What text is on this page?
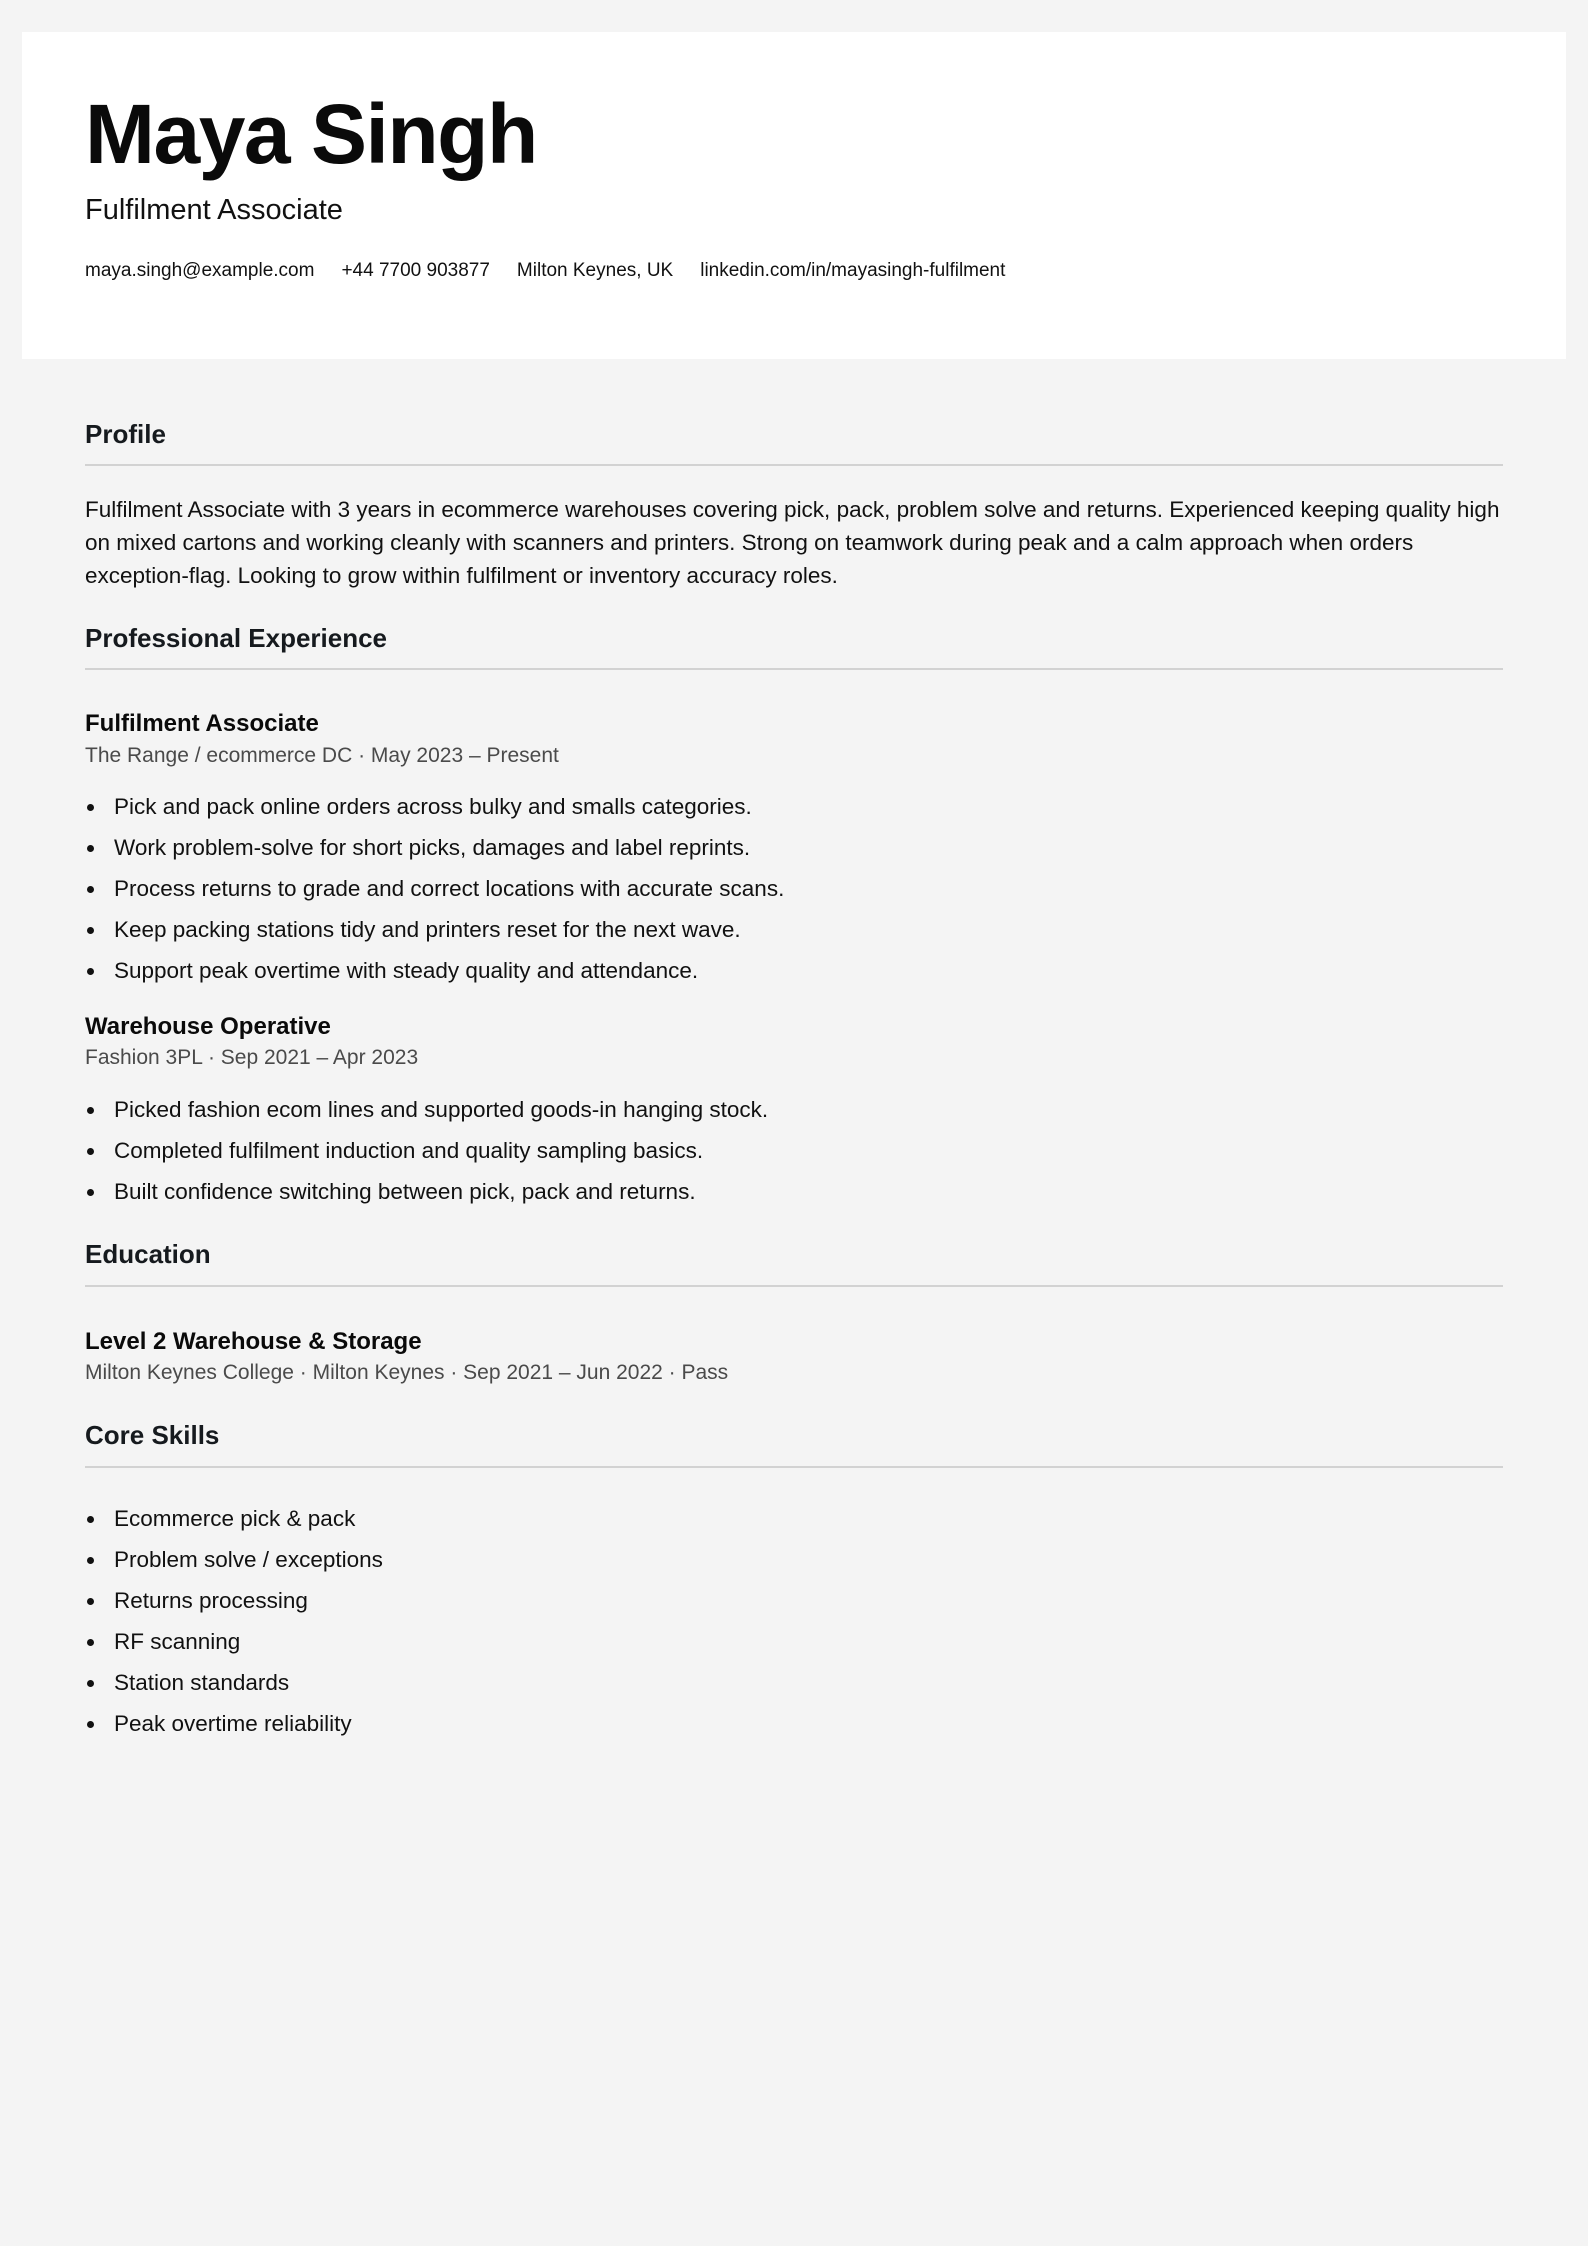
Maya Singh
Fulfilment Associate
maya.singh@example.com +44 7700 903877 Milton Keynes, UK linkedin.com/in/mayasingh-fulfilment
Profile

Fulfilment Associate with 3 years in ecommerce warehouses covering pick, pack, problem solve and returns. Experienced keeping quality high on mixed cartons and working cleanly with scanners and printers. Strong on teamwork during peak and a calm approach when orders exception-flag. Looking to grow within fulfilment or inventory accuracy roles.

Professional Experience
Fulfilment Associate
The Range / ecommerce DC · May 2023 – Present
Pick and pack online orders across bulky and smalls categories.
Work problem-solve for short picks, damages and label reprints.
Process returns to grade and correct locations with accurate scans.
Keep packing stations tidy and printers reset for the next wave.
Support peak overtime with steady quality and attendance.
Warehouse Operative
Fashion 3PL · Sep 2021 – Apr 2023
Picked fashion ecom lines and supported goods-in hanging stock.
Completed fulfilment induction and quality sampling basics.
Built confidence switching between pick, pack and returns.
Education
Level 2 Warehouse & Storage
Milton Keynes College · Milton Keynes · Sep 2021 – Jun 2022 · Pass
Core Skills
Ecommerce pick & pack
Problem solve / exceptions
Returns processing
RF scanning
Station standards
Peak overtime reliability
